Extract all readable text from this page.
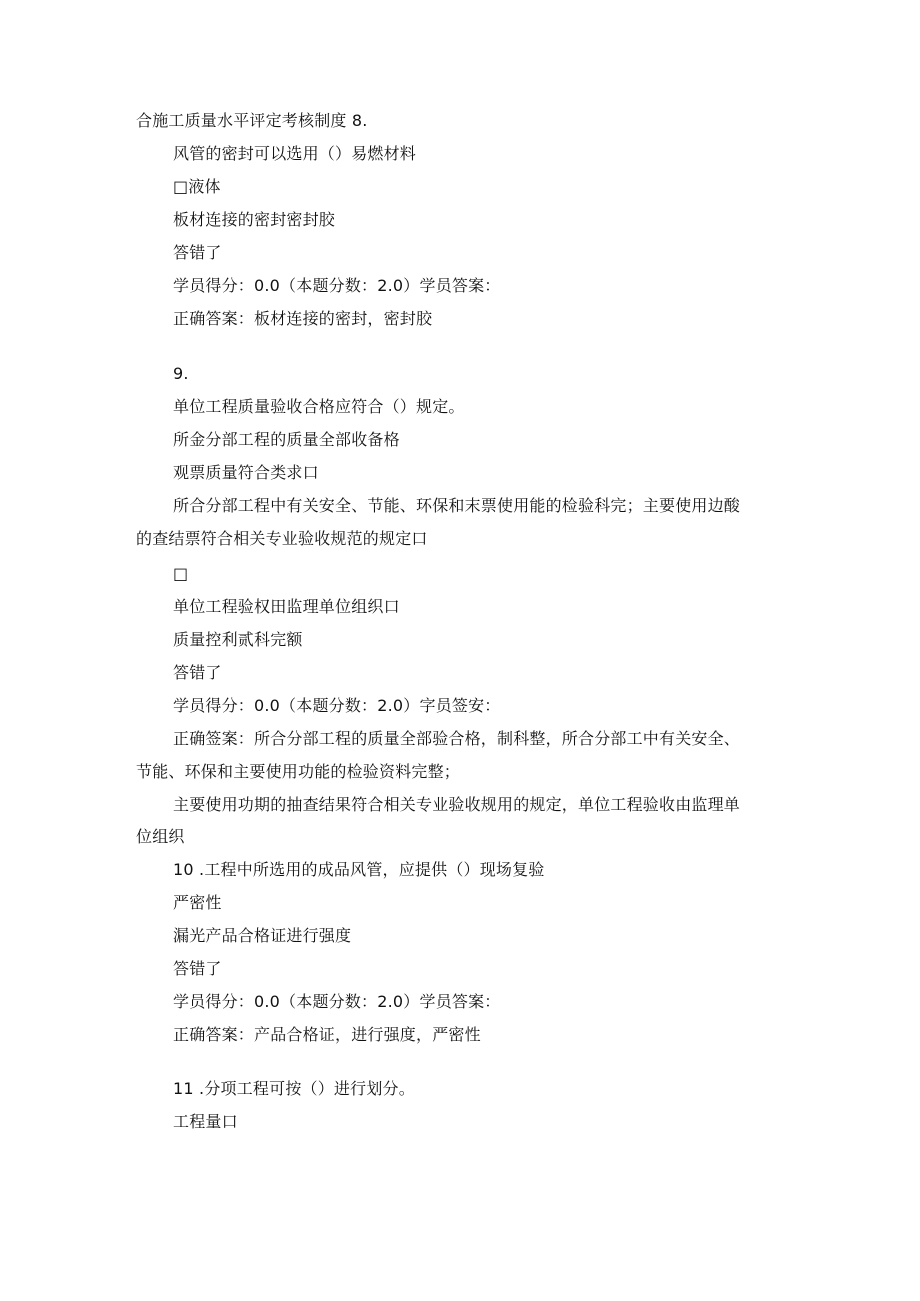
合施工质量水平评定考核制度 8.
风管的密封可以选用（）易燃材料
□液体
板材连接的密封密封胶
答错了
学员得分：0.0（本题分数：2.0）学员答案：
正确答案：板材连接的密封，密封胶
9.
单位工程质量验收合格应符合（）规定。
所金分部工程的质量全部收备格
观票质量符合类求口
所合分部工程中有关安全、节能、环保和末票使用能的检验科完；主要使用边酸
的查结票符合相关专业验收规范的规定口
□
单位工程验权田监理单位组织口
质量控利贰科完额
答错了
学员得分：0.0（本题分数：2.0）字员签安：
正确签案：所合分部工程的质量全部验合格，制科整，所合分部工中有关安全、
节能、环保和主要使用功能的检验资料完整；
主要使用功期的抽查结果符合相关专业验收规用的规定，单位工程验收由监理单
位组织
10 .工程中所选用的成品风管，应提供（）现场复验
严密性
漏光产品合格证进行强度
答错了
学员得分：0.0（本题分数：2.0）学员答案：
正确答案：产品合格证，进行强度，严密性
11 .分项工程可按（）进行划分。
工程量口
